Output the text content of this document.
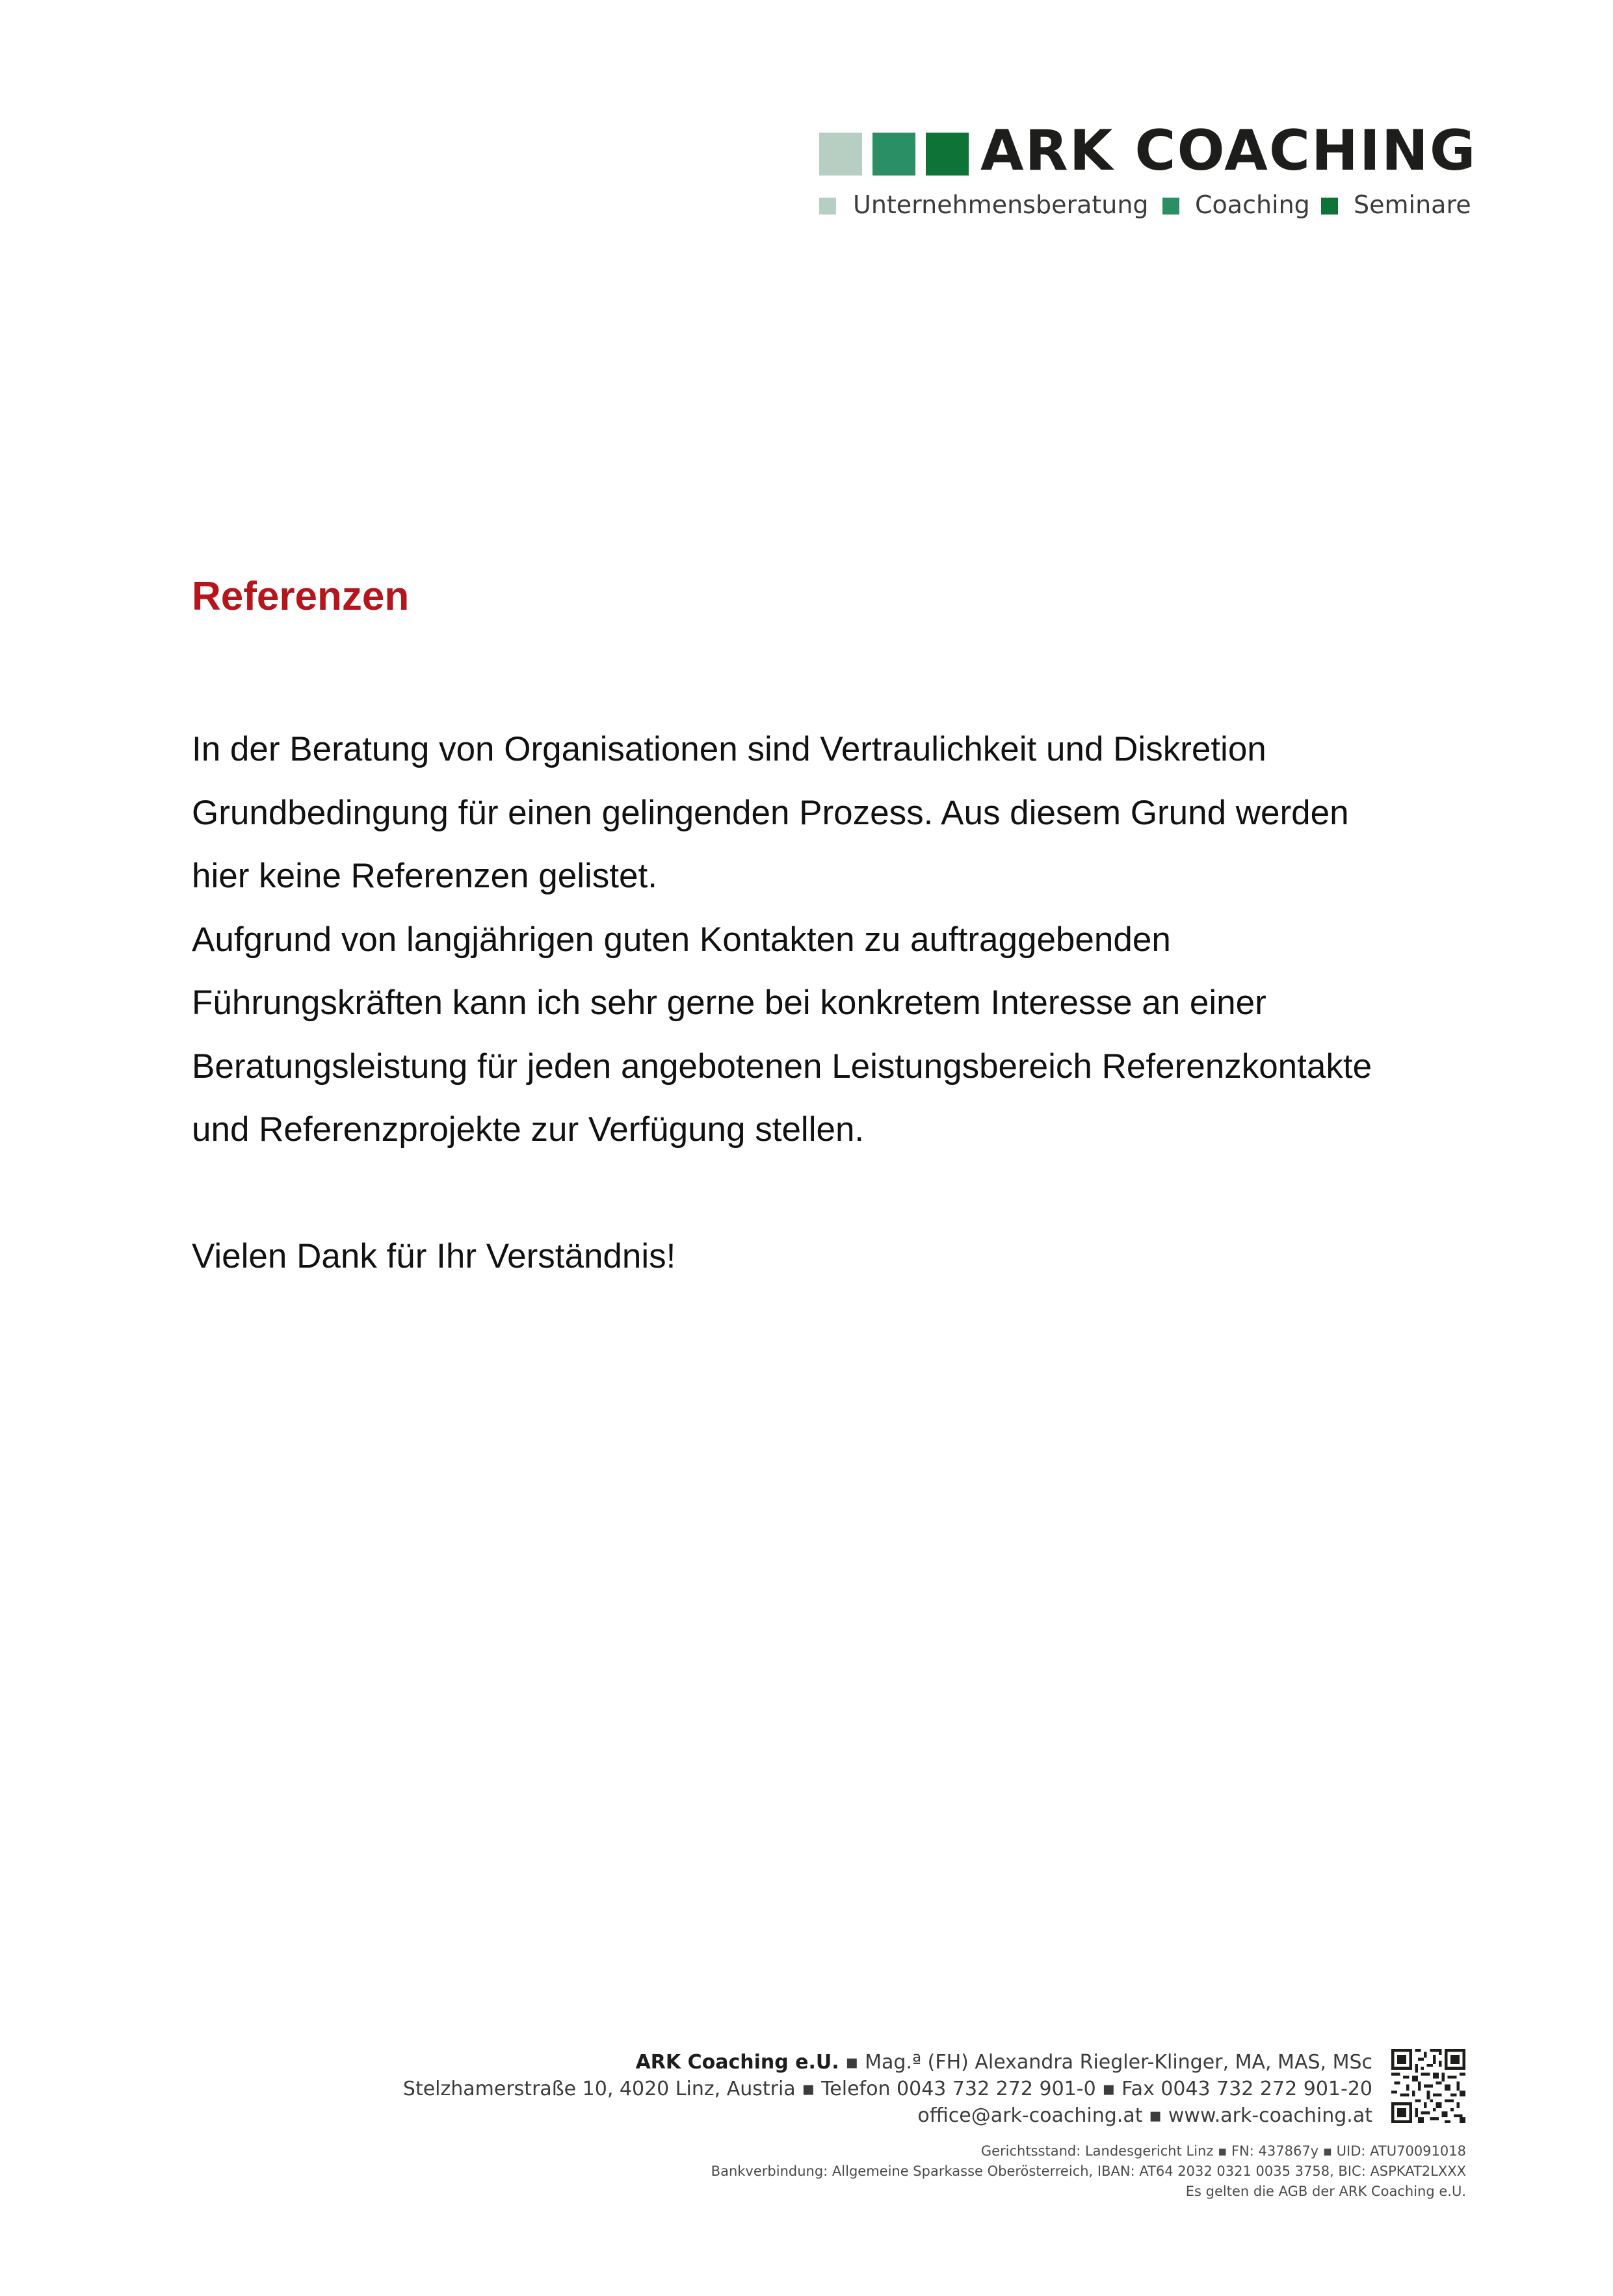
ARK COACHING
Unternehmensberatung Coaching Seminare
Referenzen
In der Beratung von Organisationen sind Vertraulichkeit und Diskretion
Grundbedingung für einen gelingenden Prozess. Aus diesem Grund werden
hier keine Referenzen gelistet.
Aufgrund von langjährigen guten Kontakten zu auftraggebenden
Führungskräften kann ich sehr gerne bei konkretem Interesse an einer
Beratungsleistung für jeden angebotenen Leistungsbereich Referenzkontakte
und Referenzprojekte zur Verfügung stellen.
Vielen Dank für Ihr Verständnis!
ARK Coaching e.U. ▪ Mag.ª (FH) Alexandra Riegler-Klinger, MA, MAS, MSc
Stelzhamerstraße 10, 4020 Linz, Austria ▪ Telefon 0043 732 272 901-0 ▪ Fax 0043 732 272 901-20
office@ark-coaching.at ▪ www.ark-coaching.at
Gerichtsstand: Landesgericht Linz ▪ FN: 437867y ▪ UID: ATU70091018
Bankverbindung: Allgemeine Sparkasse Oberösterreich, IBAN: AT64 2032 0321 0035 3758, BIC: ASPKAT2LXXX
Es gelten die AGB der ARK Coaching e.U.
